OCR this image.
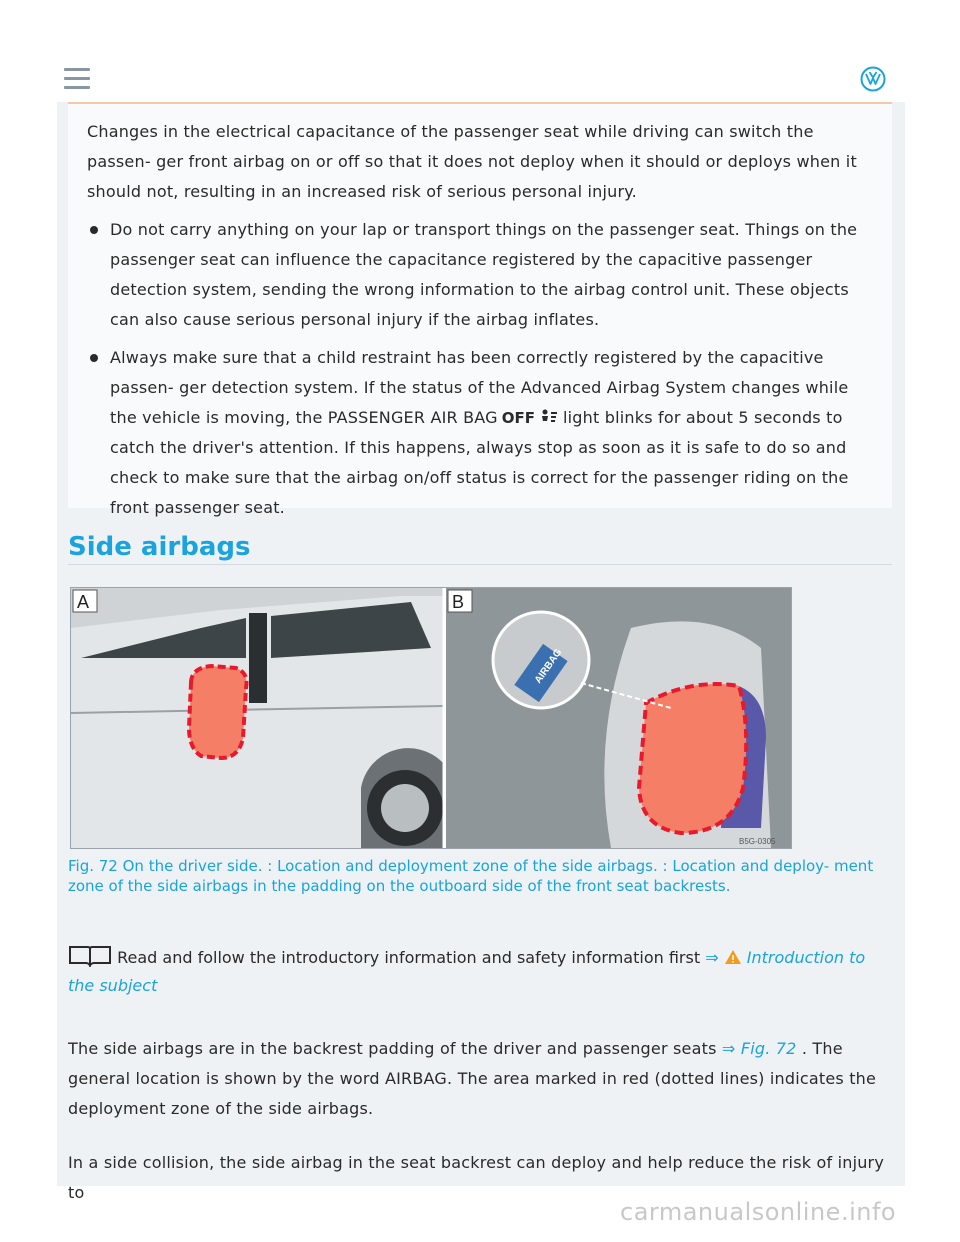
Changes in the electrical capacitance of the passenger seat while driving can switch the passen- ger front airbag on or off so that it does not deploy when it should or deploys when it should not, resulting in an increased risk of serious personal injury.

Do not carry anything on your lap or transport things on the passenger seat. Things on the passenger seat can influence the capacitance registered by the capacitive passenger detection system, sending the wrong information to the airbag control unit. These objects can also cause serious personal injury if the airbag inflates.

Always make sure that a child restraint has been correctly registered by the capacitive passen- ger detection system. If the status of the Advanced Airbag System changes while the vehicle is moving, the PASSENGER AIR BAG OFF light blinks for about 5 seconds to catch the driver's attention. If this happens, always stop as soon as it is safe to do so and check to make sure that the airbag on/off status is correct for the passenger riding on the front passenger seat.

Side airbags
A
AIRBAG
B
B5G-0305

Fig. 72 On the driver side. : Location and deployment zone of the side airbags. : Location and deploy- ment zone of the side airbags in the padding on the outboard side of the front seat backrests.

Read and follow the introductory information and safety information first ⇒ Introduction to the subject

The side airbags are in the backrest padding of the driver and passenger seats ⇒ Fig. 72 . The general location is shown by the word AIRBAG. The area marked in red (dotted lines) indicates the deployment zone of the side airbags.

In a side collision, the side airbag in the seat backrest can deploy and help reduce the risk of injury to

carmanualsonline.info
